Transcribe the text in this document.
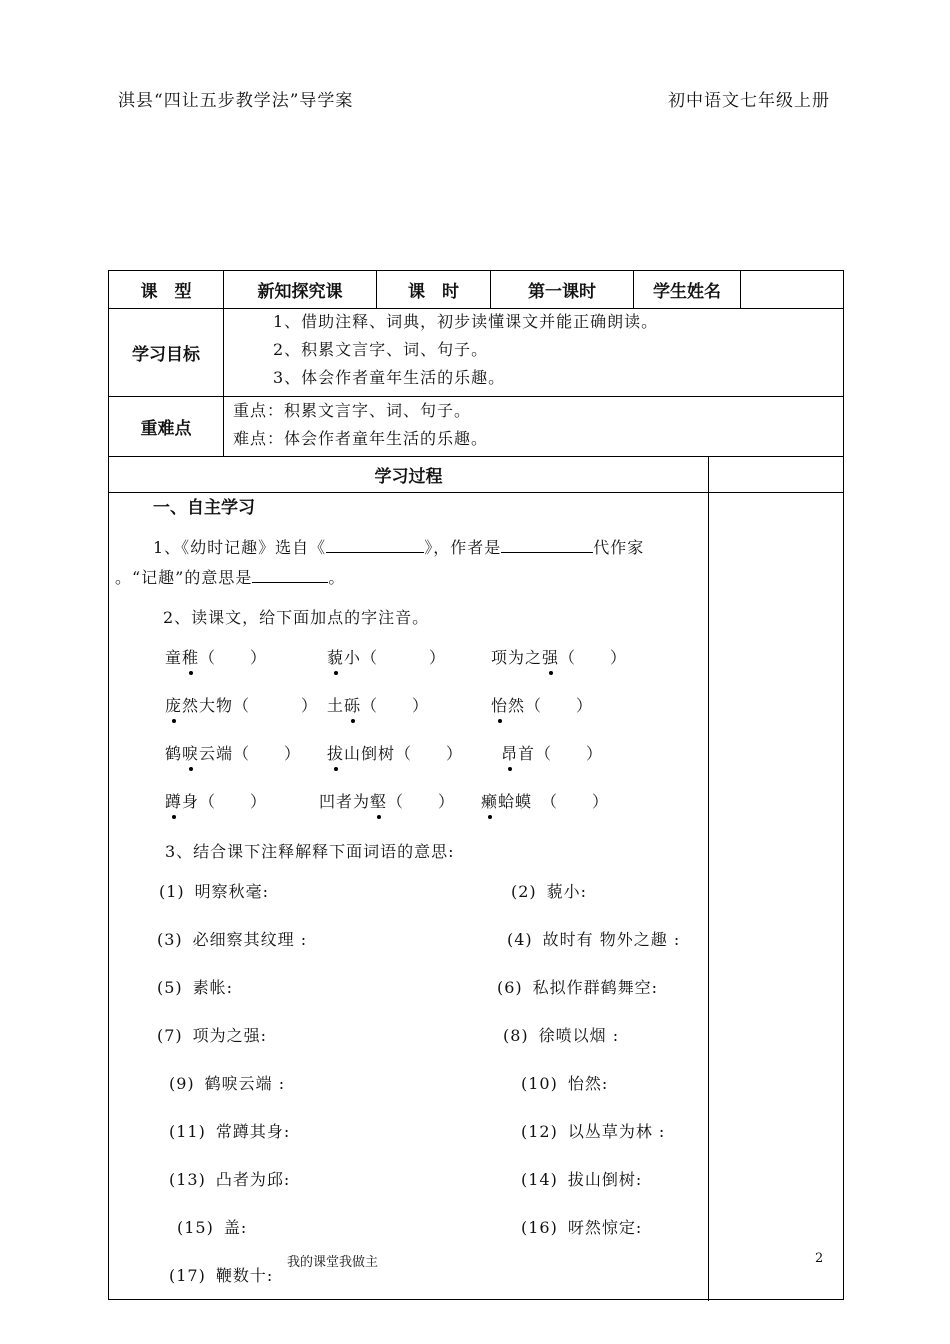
淇县“四让五步教学法”导学案	初中语文七年级上册
课　型	新知探究课	课　时	第一课时	学生姓名
学习目标
1、借助注释、词典，初步读懂课文并能正确朗读。
2、积累文言字、词、句子。
3、体会作者童年生活的乐趣。
重难点
重点：积累文言字、词、句子。
难点：体会作者童年生活的乐趣。
学习过程
一、自主学习
1、《幼时记趣》选自《	》，作者是	代作家
。“记趣”的意思是	。
2、读课文，给下面加点的字注音。
童稚（　　）	藐小（　　　）	项为之强（　　）
庞然大物（　　　） 土砾（　　）	怡然（　　）
鹤唳云端（　　） 拔山倒树（　　） 昂首（　　）
蹲身（　　）	凹者为壑（　　） 癞蛤蟆　（　　）
3、结合课下注释解释下面词语的意思:
(1) 明察秋毫:	(2) 藐小:
(3) 必细察其纹理 :	(4) 故时有 物外之趣 :
(5) 素帐:	(6) 私拟作群鹤舞空:
(7) 项为之强:	(8) 徐喷以烟 :
(9) 鹤唳云端 :	(10) 怡然:
(11) 常蹲其身:	(12) 以丛草为林 :
(13) 凸者为邱:	(14) 拔山倒树:
(15) 盖:	(16) 呀然惊定:
(17) 鞭数十:
我的课堂我做主	2
